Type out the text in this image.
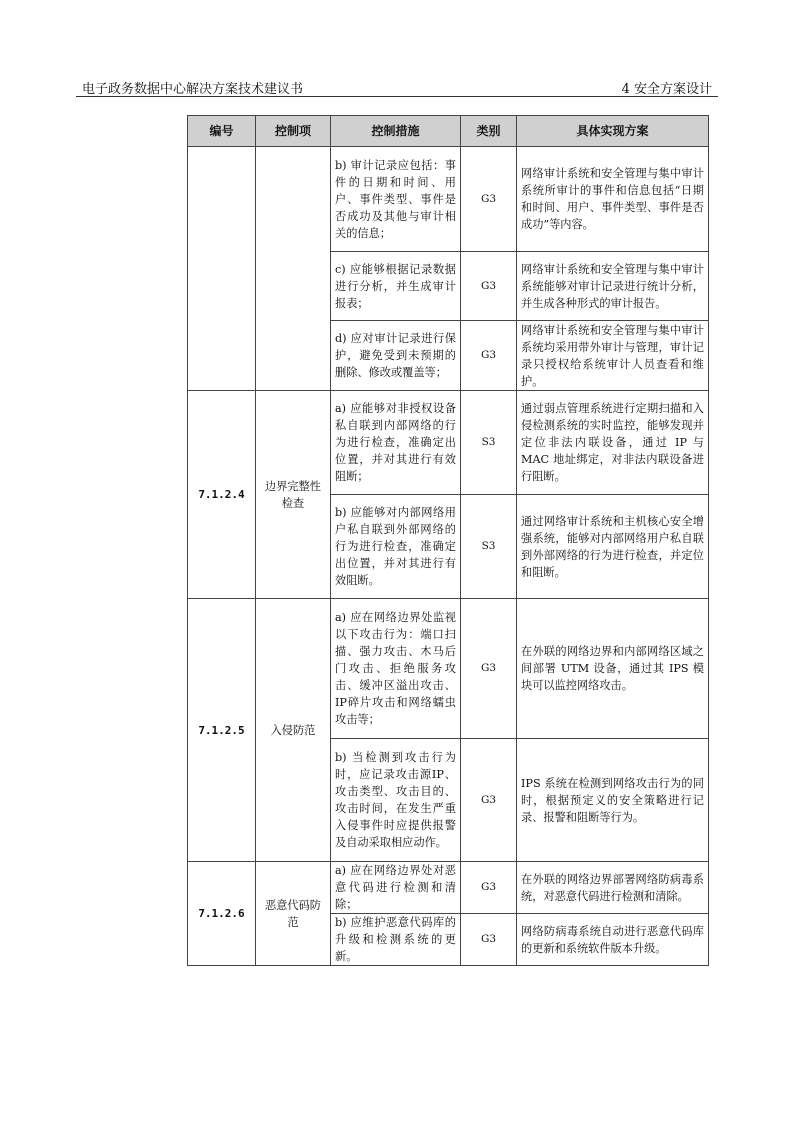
电子政务数据中心解决方案技术建议书	4 安全方案设计
编号	控制项	控制措施	类别	具体实现方案
		b) 审计记录应包括：事件的日期和时间、用户、事件类型、事件是否成功及其他与审计相关的信息；	G3	网络审计系统和安全管理与集中审计系统所审计的事件和信息包括“日期和时间、用户、事件类型、事件是否成功”等内容。
		c) 应能够根据记录数据进行分析，并生成审计报表；	G3	网络审计系统和安全管理与集中审计系统能够对审计记录进行统计分析，并生成各种形式的审计报告。
		d) 应对审计记录进行保护，避免受到未预期的删除、修改或覆盖等；	G3	网络审计系统和安全管理与集中审计系统均采用带外审计与管理，审计记录只授权给系统审计人员查看和维护。
7.1.2.4	边界完整性检查	a) 应能够对非授权设备私自联到内部网络的行为进行检查，准确定出位置，并对其进行有效阻断；	S3	通过弱点管理系统进行定期扫描和入侵检测系统的实时监控，能够发现并定位非法内联设备，通过 IP 与 MAC 地址绑定，对非法内联设备进行阻断。
		b) 应能够对内部网络用户私自联到外部网络的行为进行检查，准确定出位置，并对其进行有效阻断。	S3	通过网络审计系统和主机核心安全增强系统，能够对内部网络用户私自联到外部网络的行为进行检查，并定位和阻断。
7.1.2.5	入侵防范	a) 应在网络边界处监视以下攻击行为：端口扫描、强力攻击、木马后门攻击、拒绝服务攻击、缓冲区溢出攻击、IP碎片攻击和网络蠕虫攻击等；	G3	在外联的网络边界和内部网络区域之间部署 UTM 设备，通过其 IPS 模块可以监控网络攻击。
		b) 当检测到攻击行为时，应记录攻击源IP、攻击类型、攻击目的、攻击时间，在发生严重入侵事件时应提供报警及自动采取相应动作。	G3	IPS 系统在检测到网络攻击行为的同时，根据预定义的安全策略进行记录、报警和阻断等行为。
7.1.2.6	恶意代码防范	a) 应在网络边界处对恶意代码进行检测和清除；	G3	在外联的网络边界部署网络防病毒系统，对恶意代码进行检测和清除。
		b) 应维护恶意代码库的升级和检测系统的更新。	G3	网络防病毒系统自动进行恶意代码库的更新和系统软件版本升级。
